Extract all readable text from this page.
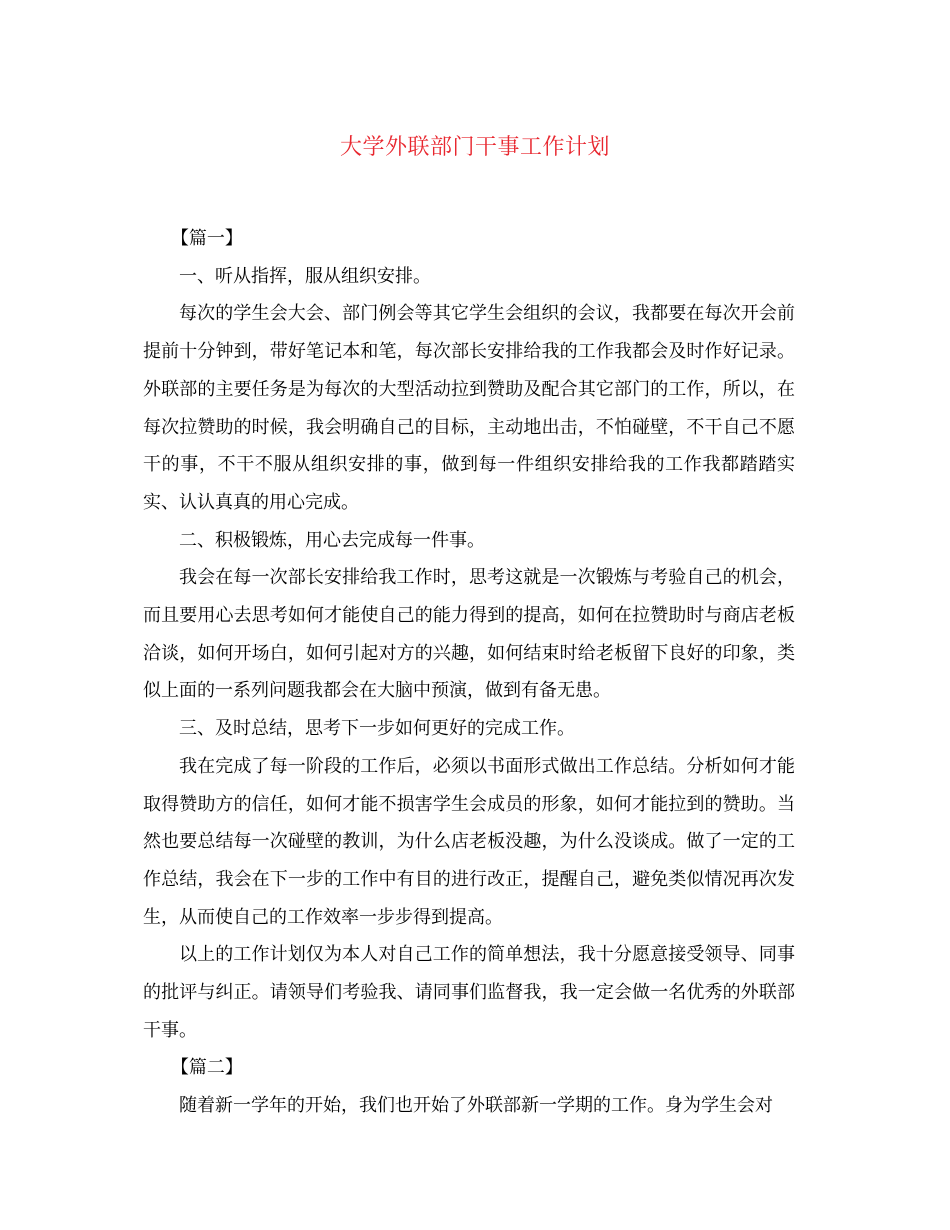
大学外联部门干事工作计划

【篇一】

一、听从指挥，服从组织安排。

每次的学生会大会、部门例会等其它学生会组织的会议，我都要在每次开会前提前十分钟到，带好笔记本和笔，每次部长安排给我的工作我都会及时作好记录。外联部的主要任务是为每次的大型活动拉到赞助及配合其它部门的工作，所以，在每次拉赞助的时候，我会明确自己的目标，主动地出击，不怕碰壁，不干自己不愿干的事，不干不服从组织安排的事，做到每一件组织安排给我的工作我都踏踏实实、认认真真的用心完成。

二、积极锻炼，用心去完成每一件事。

我会在每一次部长安排给我工作时，思考这就是一次锻炼与考验自己的机会，而且要用心去思考如何才能使自己的能力得到的提高，如何在拉赞助时与商店老板洽谈，如何开场白，如何引起对方的兴趣，如何结束时给老板留下良好的印象，类似上面的一系列问题我都会在大脑中预演，做到有备无患。

三、及时总结，思考下一步如何更好的完成工作。

我在完成了每一阶段的工作后，必须以书面形式做出工作总结。分析如何才能取得赞助方的信任，如何才能不损害学生会成员的形象，如何才能拉到的赞助。当然也要总结每一次碰壁的教训，为什么店老板没趣，为什么没谈成。做了一定的工作总结，我会在下一步的工作中有目的进行改正，提醒自己，避免类似情况再次发生，从而使自己的工作效率一步步得到提高。

以上的工作计划仅为本人对自己工作的简单想法，我十分愿意接受领导、同事的批评与纠正。请领导们考验我、请同事们监督我，我一定会做一名优秀的外联部干事。

【篇二】

随着新一学年的开始，我们也开始了外联部新一学期的工作。身为学生会对
